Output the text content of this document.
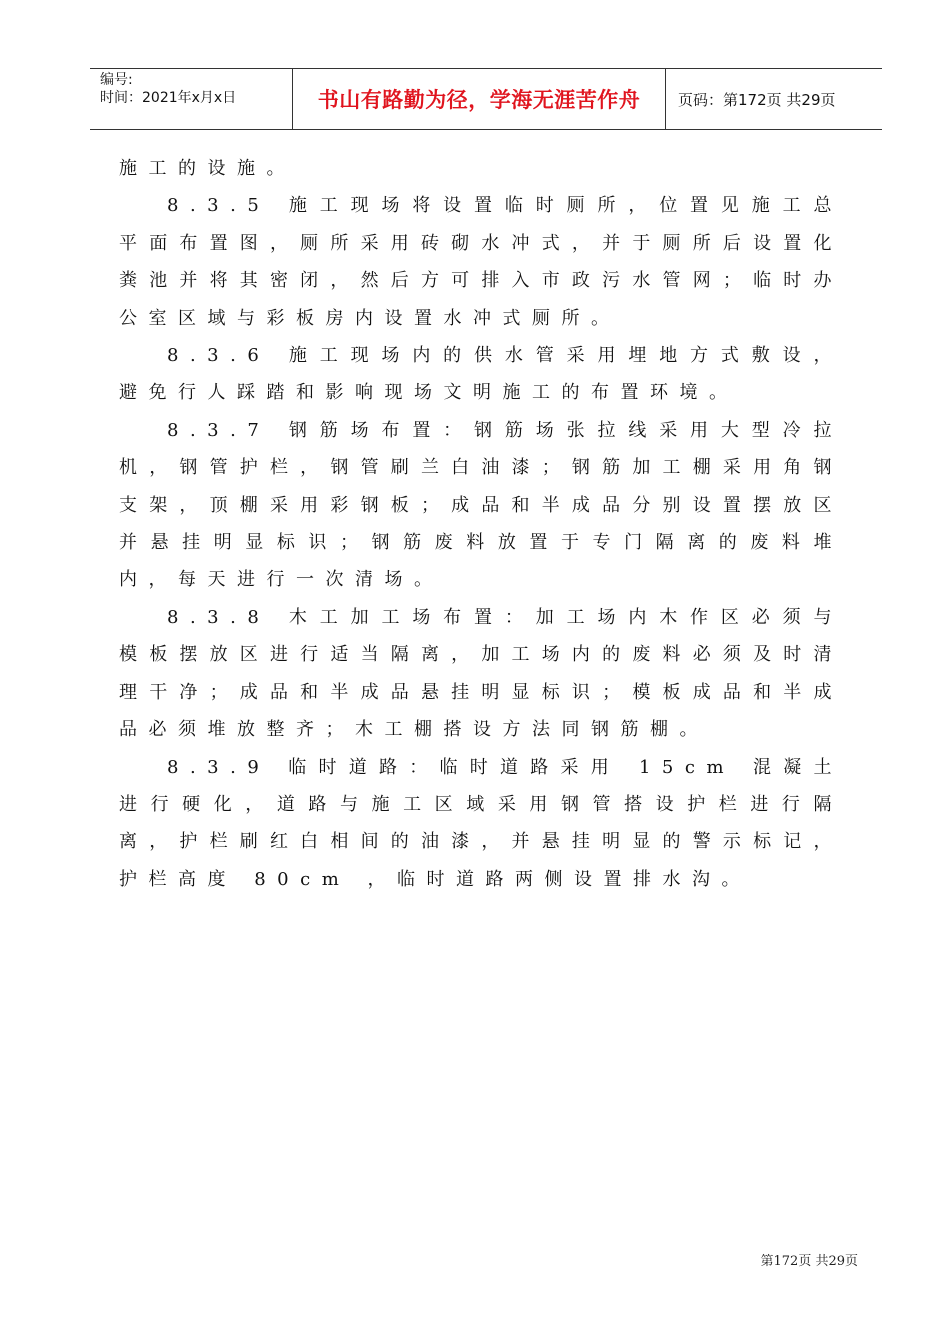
编号:
时间：2021年x月x日	书山有路勤为径，学海无涯苦作舟	页码：第172页 共29页

施工的设施。

8.3.5 施工现场将设置临时厕所，位置见施工总平面布置图，厕所采用砖砌水冲式，并于厕所后设置化粪池并将其密闭，然后方可排入市政污水管网；临时办公室区域与彩板房内设置水冲式厕所。

8.3.6 施工现场内的供水管采用埋地方式敷设，避免行人踩踏和影响现场文明施工的布置环境。

8.3.7 钢筋场布置：钢筋场张拉线采用大型冷拉机，钢管护栏，钢管刷兰白油漆；钢筋加工棚采用角钢支架，顶棚采用彩钢板；成品和半成品分别设置摆放区并悬挂明显标识；钢筋废料放置于专门隔离的废料堆内，每天进行一次清场。

8.3.8 木工加工场布置：加工场内木作区必须与模板摆放区进行适当隔离，加工场内的废料必须及时清理干净；成品和半成品悬挂明显标识；模板成品和半成品必须堆放整齐；木工棚搭设方法同钢筋棚。

8.3.9 临时道路：临时道路采用 15cm 混凝土进行硬化，道路与施工区域采用钢管搭设护栏进行隔离，护栏刷红白相间的油漆，并悬挂明显的警示标记，护栏高度 80cm ，临时道路两侧设置排水沟。

第172页 共29页
